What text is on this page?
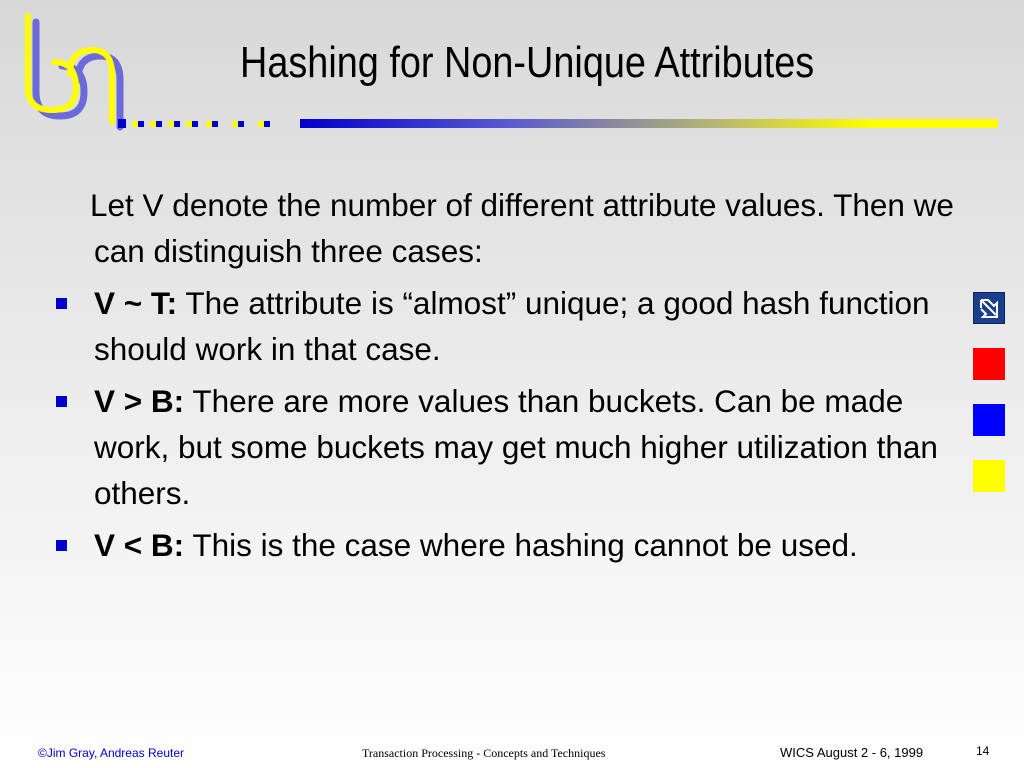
Hashing for Non-Unique Attributes

Let V denote the number of different attribute values. Then we can distinguish three cases:

V ~ T: The attribute is “almost” unique; a good hash function should work in that case.
V > B: There are more values than buckets. Can be made work, but some buckets may get much higher utilization than others.
V < B: This is the case where hashing cannot be used.
©Jim Gray, Andreas Reuter	Transaction Processing - Concepts and Techniques	WICS August 2 - 6, 1999	14
